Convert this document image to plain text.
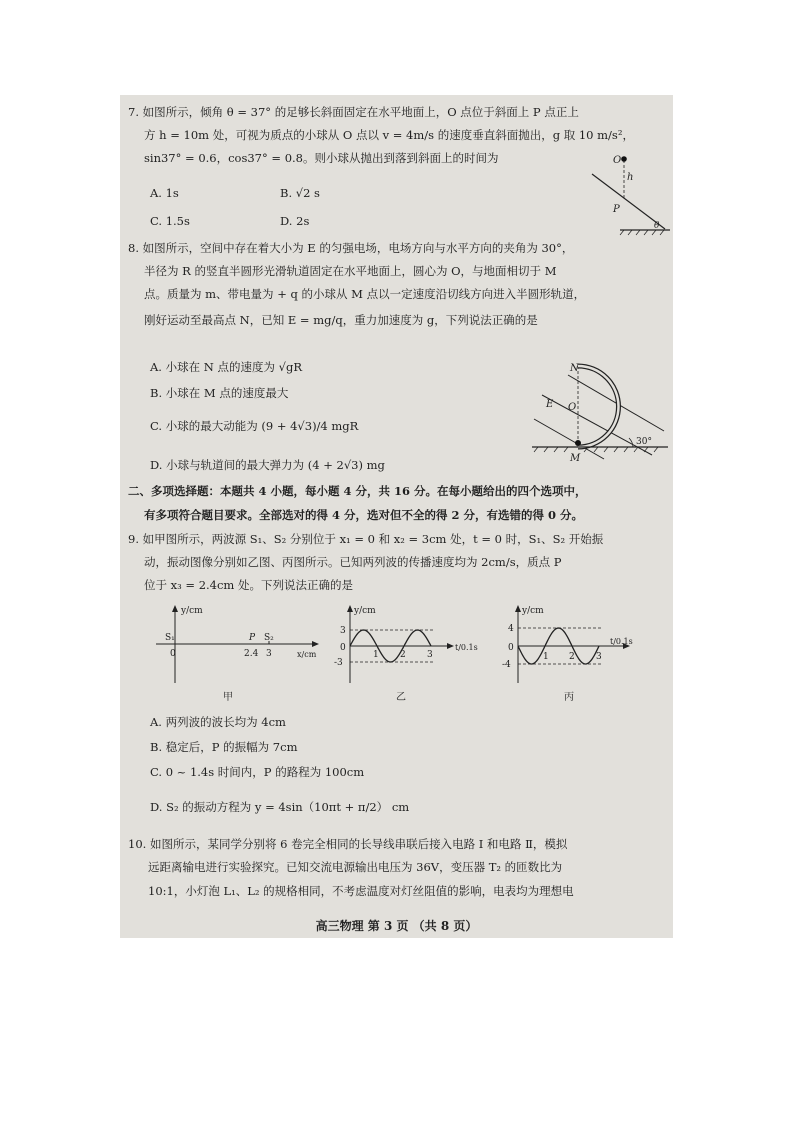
7. 如图所示，倾角 θ = 37° 的足够长斜面固定在水平地面上，O 点位于斜面上 P 点正上
方 h = 10m 处，可视为质点的小球从 O 点以 v = 4m/s 的速度垂直斜面抛出，g 取 10 m/s²，
sin37° = 0.6，cos37° = 0.8。则小球从抛出到落到斜面上的时间为
A. 1s	B. √2 s
C. 1.5s	D. 2s
O
h
P
θ
8. 如图所示，空间中存在着大小为 E 的匀强电场，电场方向与水平方向的夹角为 30°，
半径为 R 的竖直半圆形光滑轨道固定在水平地面上，圆心为 O，与地面相切于 M
点。质量为 m、带电量为 + q 的小球从 M 点以一定速度沿切线方向进入半圆形轨道，
刚好运动至最高点 N，已知 E = mg/q，重力加速度为 g，下列说法正确的是
A. 小球在 N 点的速度为 √gR
B. 小球在 M 点的速度最大
C. 小球的最大动能为 (9 + 4√3)/4 mgR
D. 小球与轨道间的最大弹力为 (4 + 2√3) mg
N
E O
M
30°
二、多项选择题：本题共 4 小题，每小题 4 分，共 16 分。在每小题给出的四个选项中，
有多项符合题目要求。全部选对的得 4 分，选对但不全的得 2 分，有选错的得 0 分。
9. 如甲图所示，两波源 S₁、S₂ 分别位于 x₁ = 0 和 x₂ = 3cm 处，t = 0 时，S₁、S₂ 开始振
动，振动图像分别如乙图、丙图所示。已知两列波的传播速度均为 2cm/s，质点 P
位于 x₃ = 2.4cm 处。下列说法正确的是
y/cm
x/cm
S₁	P S₂
0	2.4 3
甲
y/cm
t/0.1s
3
-3
0
1 2 3
乙
y/cm
t/0.1s
4
-4
0
1 2 3
丙
A. 两列波的波长均为 4cm
B. 稳定后，P 的振幅为 7cm
C. 0 ~ 1.4s 时间内，P 的路程为 100cm
D. S₂ 的振动方程为 y = 4sin（10πt + π/2） cm
10. 如图所示，某同学分别将 6 卷完全相同的长导线串联后接入电路 Ⅰ 和电路 Ⅱ，模拟
远距离输电进行实验探究。已知交流电源输出电压为 36V，变压器 T₂ 的匝数比为
10:1，小灯泡 L₁、L₂ 的规格相同，不考虑温度对灯丝阻值的影响，电表均为理想电
高三物理 第 3 页 （共 8 页）
